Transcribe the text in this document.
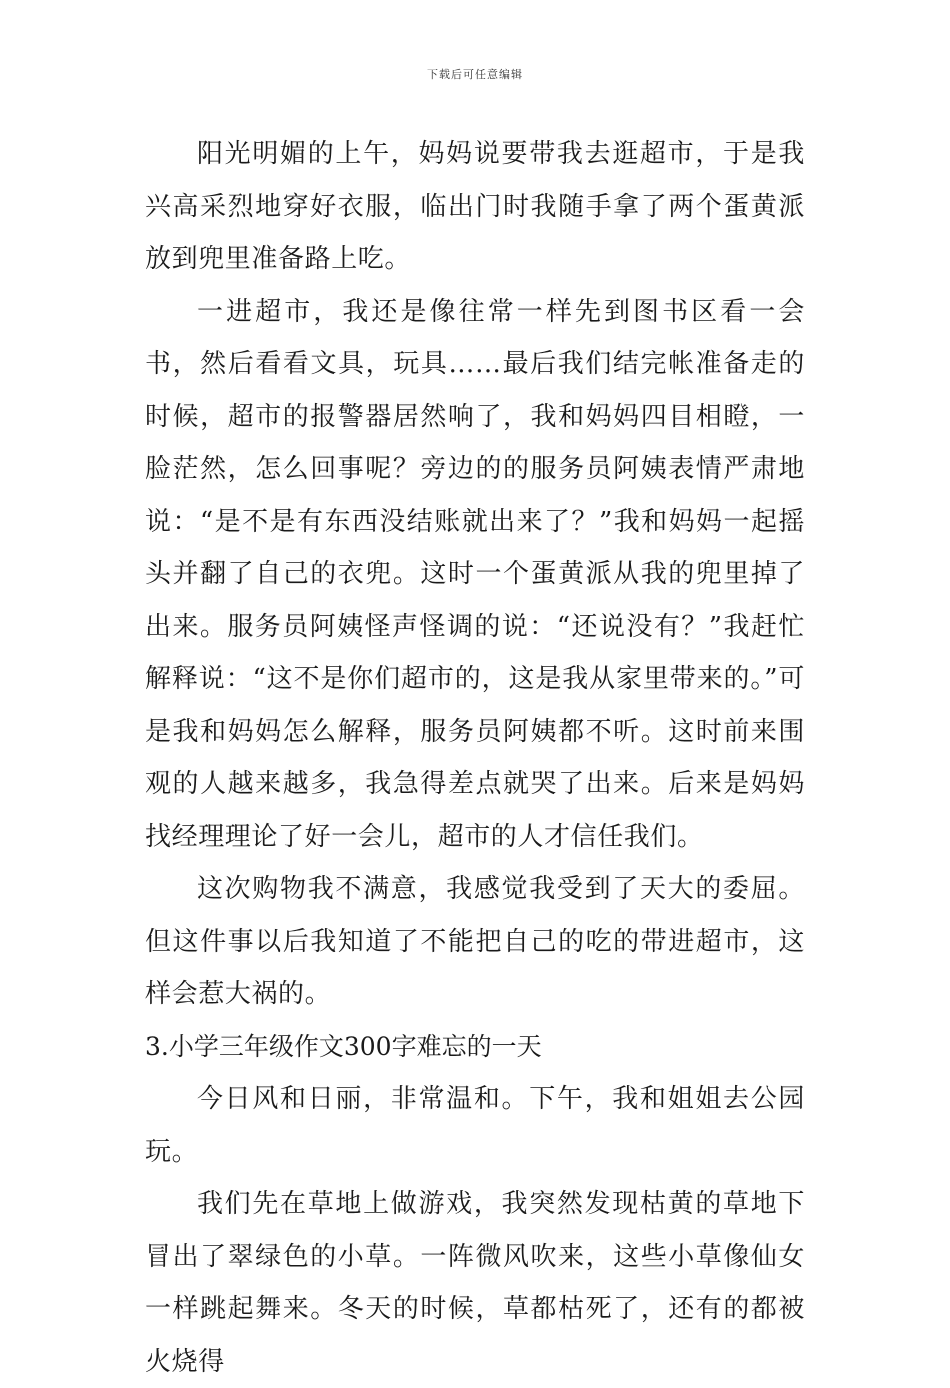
下载后可任意编辑

阳光明媚的上午，妈妈说要带我去逛超市，于是我兴高采烈地穿好衣服，临出门时我随手拿了两个蛋黄派放到兜里准备路上吃。

一进超市，我还是像往常一样先到图书区看一会书，然后看看文具，玩具……最后我们结完帐准备走的时候，超市的报警器居然响了，我和妈妈四目相瞪，一脸茫然，怎么回事呢？旁边的的服务员阿姨表情严肃地说：“是不是有东西没结账就出来了？”我和妈妈一起摇头并翻了自己的衣兜。这时一个蛋黄派从我的兜里掉了出来。服务员阿姨怪声怪调的说：“还说没有？”我赶忙解释说：“这不是你们超市的，这是我从家里带来的。”可是我和妈妈怎么解释，服务员阿姨都不听。这时前来围观的人越来越多，我急得差点就哭了出来。后来是妈妈找经理理论了好一会儿，超市的人才信任我们。

这次购物我不满意，我感觉我受到了天大的委屈。但这件事以后我知道了不能把自己的吃的带进超市，这样会惹大祸的。

3.小学三年级作文300字难忘的一天

今日风和日丽，非常温和。下午，我和姐姐去公园玩。

我们先在草地上做游戏，我突然发现枯黄的草地下冒出了翠绿色的小草。一阵微风吹来，这些小草像仙女一样跳起舞来。冬天的时候，草都枯死了，还有的都被火烧得
